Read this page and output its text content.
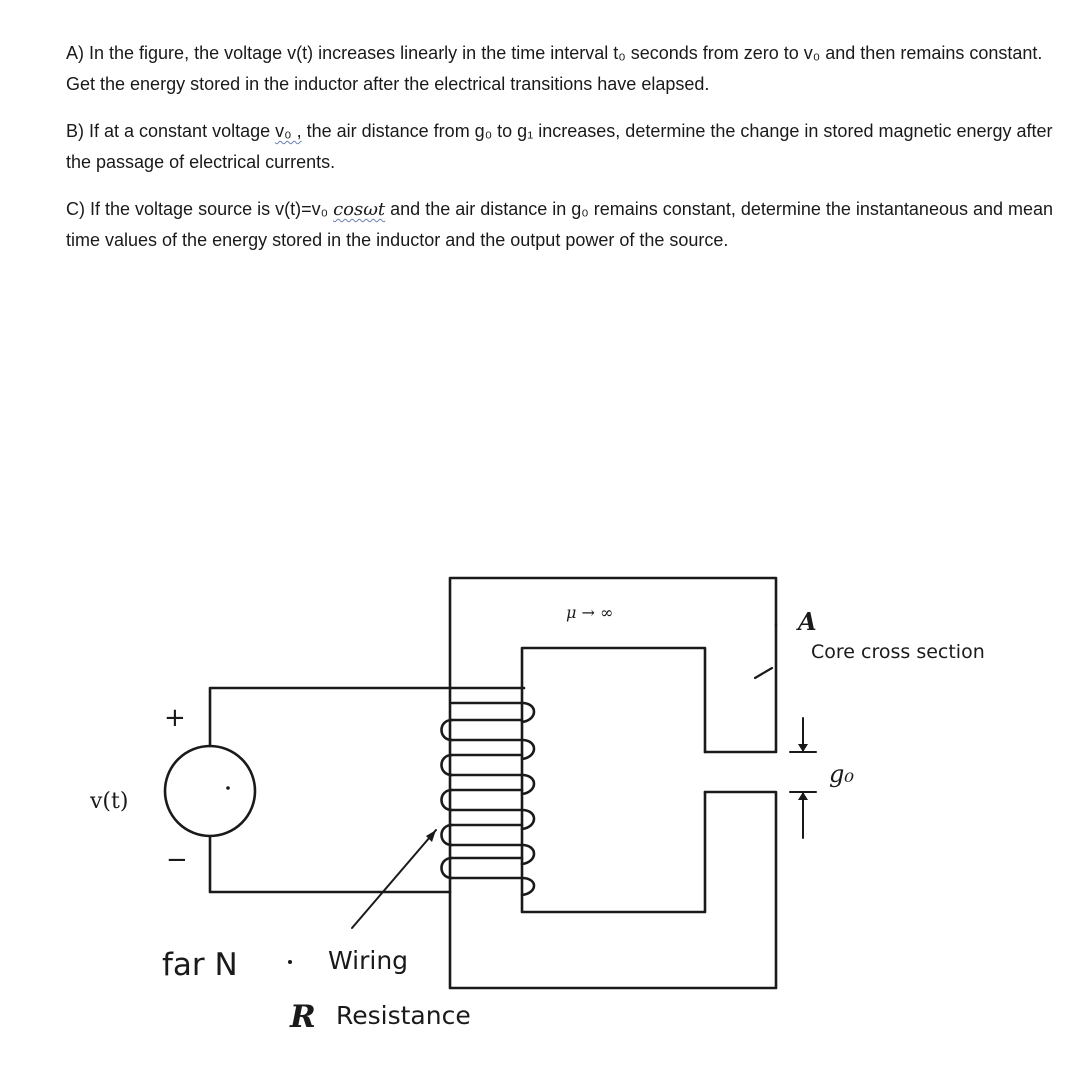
A) In the figure, the voltage v(t) increases linearly in the time interval t₀ seconds from zero to v₀ and then remains constant. Get the energy stored in the inductor after the electrical transitions have elapsed.

B) If at a constant voltage v₀ , the air distance from g₀ to g₁ increases, determine the change in stored magnetic energy after the passage of electrical currents.

C) If the voltage source is v(t)=v₀ cosωt and the air distance in g₀ remains constant, determine the instantaneous and mean time values of the energy stored in the inductor and the output power of the source.

μ → ∞	A
Core cross section
g₀
v(t)
+
−
far N	Wiring
R Resistance
